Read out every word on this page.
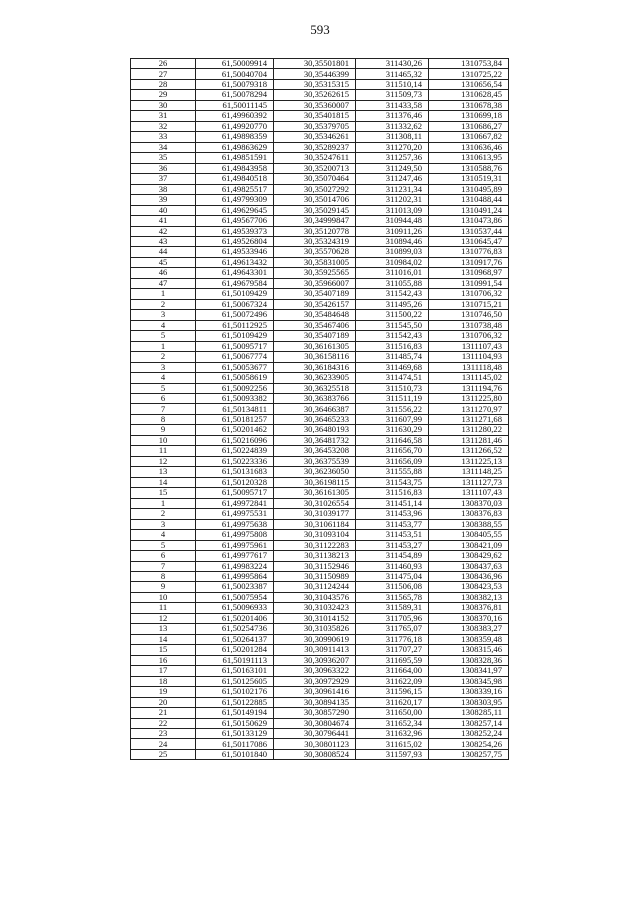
593
26	61,50009914	30,35501801	311430,26	1310753,84
27	61,50040704	30,35446399	311465,32	1310725,22
28	61,50079318	30,35315315	311510,14	1310656,54
29	61,50078294	30,35262615	311509,73	1310628,45
30	61,50011145	30,35360007	311433,58	1310678,38
31	61,49960392	30,35401815	311376,46	1310699,18
32	61,49920770	30,35379705	311332,62	1310686,27
33	61,49898359	30,35346261	311308,11	1310667,82
34	61,49863629	30,35289237	311270,20	1310636,46
35	61,49851591	30,35247611	311257,36	1310613,95
36	61,49843958	30,35200713	311249,50	1310588,76
37	61,49840518	30,35070464	311247,46	1310519,31
38	61,49825517	30,35027292	311231,34	1310495,89
39	61,49799309	30,35014706	311202,31	1310488,44
40	61,49629645	30,35029145	311013,09	1310491,24
41	61,49567706	30,34999847	310944,48	1310473,86
42	61,49539373	30,35120778	310911,26	1310537,44
43	61,49526804	30,35324319	310894,46	1310645,47
44	61,49533946	30,35570628	310899,03	1310776,83
45	61,49613432	30,35831005	310984,02	1310917,76
46	61,49643301	30,35925565	311016,01	1310968,97
47	61,49679584	30,35966007	311055,88	1310991,54
1	61,50109429	30,35407189	311542,43	1310706,32
2	61,50067324	30,35426157	311495,26	1310715,21
3	61,50072496	30,35484648	311500,22	1310746,50
4	61,50112925	30,35467406	311545,50	1310738,48
5	61,50109429	30,35407189	311542,43	1310706,32
1	61,50095717	30,36161305	311516,83	1311107,43
2	61,50067774	30,36158116	311485,74	1311104,93
3	61,50053677	30,36184316	311469,68	1311118,48
4	61,50058619	30,36233905	311474,51	1311145,02
5	61,50092256	30,36325518	311510,73	1311194,76
6	61,50093382	30,36383766	311511,19	1311225,80
7	61,50134811	30,36466387	311556,22	1311270,97
8	61,50181257	30,36465233	311607,99	1311271,68
9	61,50201462	30,36480193	311630,29	1311280,22
10	61,50216096	30,36481732	311646,58	1311281,46
11	61,50224839	30,36453208	311656,70	1311266,52
12	61,50223336	30,36375539	311656,09	1311225,13
13	61,50131683	30,36236050	311555,88	1311148,25
14	61,50120328	30,36198115	311543,75	1311127,73
15	61,50095717	30,36161305	311516,83	1311107,43
1	61,49972841	30,31026554	311451,14	1308370,03
2	61,49975531	30,31039177	311453,96	1308376,83
3	61,49975638	30,31061184	311453,77	1308388,55
4	61,49975808	30,31093104	311453,51	1308405,55
5	61,49975961	30,31122283	311453,27	1308421,09
6	61,49977617	30,31138213	311454,89	1308429,62
7	61,49983224	30,31152946	311460,93	1308437,63
8	61,49995864	30,31150989	311475,04	1308436,96
9	61,50023387	30,31124244	311506,08	1308423,53
10	61,50075954	30,31043576	311565,78	1308382,13
11	61,50096933	30,31032423	311589,31	1308376,81
12	61,50201406	30,31014152	311705,96	1308370,16
13	61,50254736	30,31035826	311765,07	1308383,27
14	61,50264137	30,30990619	311776,18	1308359,48
15	61,50201284	30,30911413	311707,27	1308315,46
16	61,50191113	30,30936207	311695,59	1308328,36
17	61,50163101	30,30963322	311664,00	1308341,97
18	61,50125605	30,30972929	311622,09	1308345,98
19	61,50102176	30,30961416	311596,15	1308339,16
20	61,50122885	30,30894135	311620,17	1308303,95
21	61,50149194	30,30857290	311650,00	1308285,11
22	61,50150629	30,30804674	311652,34	1308257,14
23	61,50133129	30,30796441	311632,96	1308252,24
24	61,50117086	30,30801123	311615,02	1308254,26
25	61,50101840	30,30808524	311597,93	1308257,75
